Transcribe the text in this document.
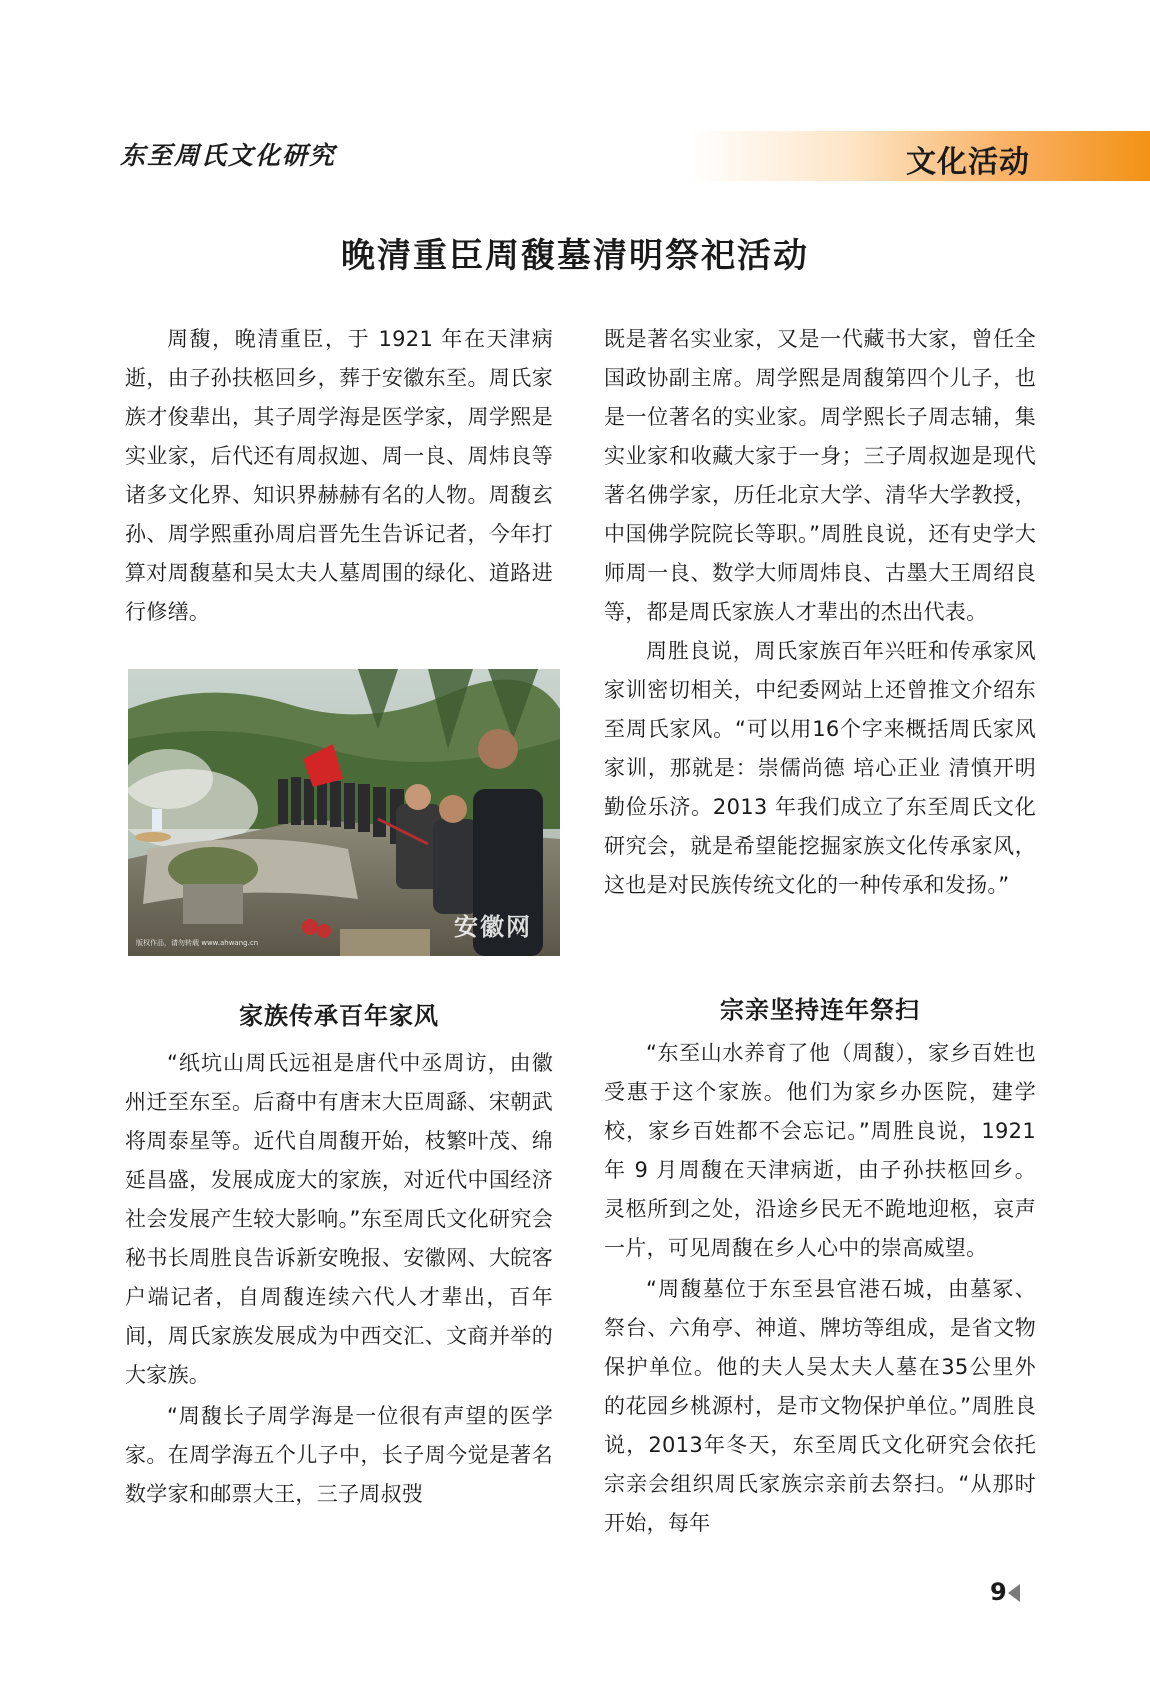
东至周氏文化研究	文化活动
晚清重臣周馥墓清明祭祀活动

周馥，晚清重臣，于 1921 年在天津病逝，由子孙扶柩回乡，葬于安徽东至。周氏家族才俊辈出，其子周学海是医学家，周学熙是实业家，后代还有周叔迦、周一良、周炜良等诸多文化界、知识界赫赫有名的人物。周馥玄孙、周学熙重孙周启晋先生告诉记者，今年打算对周馥墓和吴太夫人墓周围的绿化、道路进行修缮。

版权作品，请勿转载 www.ahwang.cn
安徽网
家族传承百年家风

“纸坑山周氏远祖是唐代中丞周访，由徽州迁至东至。后裔中有唐末大臣周繇、宋朝武将周泰星等。近代自周馥开始，枝繁叶茂、绵延昌盛，发展成庞大的家族，对近代中国经济社会发展产生较大影响。”东至周氏文化研究会秘书长周胜良告诉新安晚报、安徽网、大皖客户端记者，自周馥连续六代人才辈出，百年间，周氏家族发展成为中西交汇、文商并举的大家族。

“周馥长子周学海是一位很有声望的医学家。在周学海五个儿子中，长子周今觉是著名数学家和邮票大王，三子周叔弢

既是著名实业家，又是一代藏书大家，曾任全国政协副主席。周学熙是周馥第四个儿子，也是一位著名的实业家。周学熙长子周志辅，集实业家和收藏大家于一身；三子周叔迦是现代著名佛学家，历任北京大学、清华大学教授，中国佛学院院长等职。”周胜良说，还有史学大师周一良、数学大师周炜良、古墨大王周绍良等，都是周氏家族人才辈出的杰出代表。

周胜良说，周氏家族百年兴旺和传承家风家训密切相关，中纪委网站上还曾推文介绍东至周氏家风。“可以用16个字来概括周氏家风家训，那就是：崇儒尚德 培心正业 清慎开明 勤俭乐济。2013 年我们成立了东至周氏文化研究会，就是希望能挖掘家族文化传承家风，这也是对民族传统文化的一种传承和发扬。”

宗亲坚持连年祭扫

“东至山水养育了他（周馥），家乡百姓也受惠于这个家族。他们为家乡办医院，建学校，家乡百姓都不会忘记。”周胜良说，1921 年 9 月周馥在天津病逝，由子孙扶柩回乡。灵柩所到之处，沿途乡民无不跪地迎柩，哀声一片，可见周馥在乡人心中的崇高威望。

“周馥墓位于东至县官港石城，由墓冢、祭台、六角亭、神道、牌坊等组成，是省文物保护单位。他的夫人吴太夫人墓在35公里外的花园乡桃源村，是市文物保护单位。”周胜良说，2013年冬天，东至周氏文化研究会依托宗亲会组织周氏家族宗亲前去祭扫。“从那时开始，每年

9
